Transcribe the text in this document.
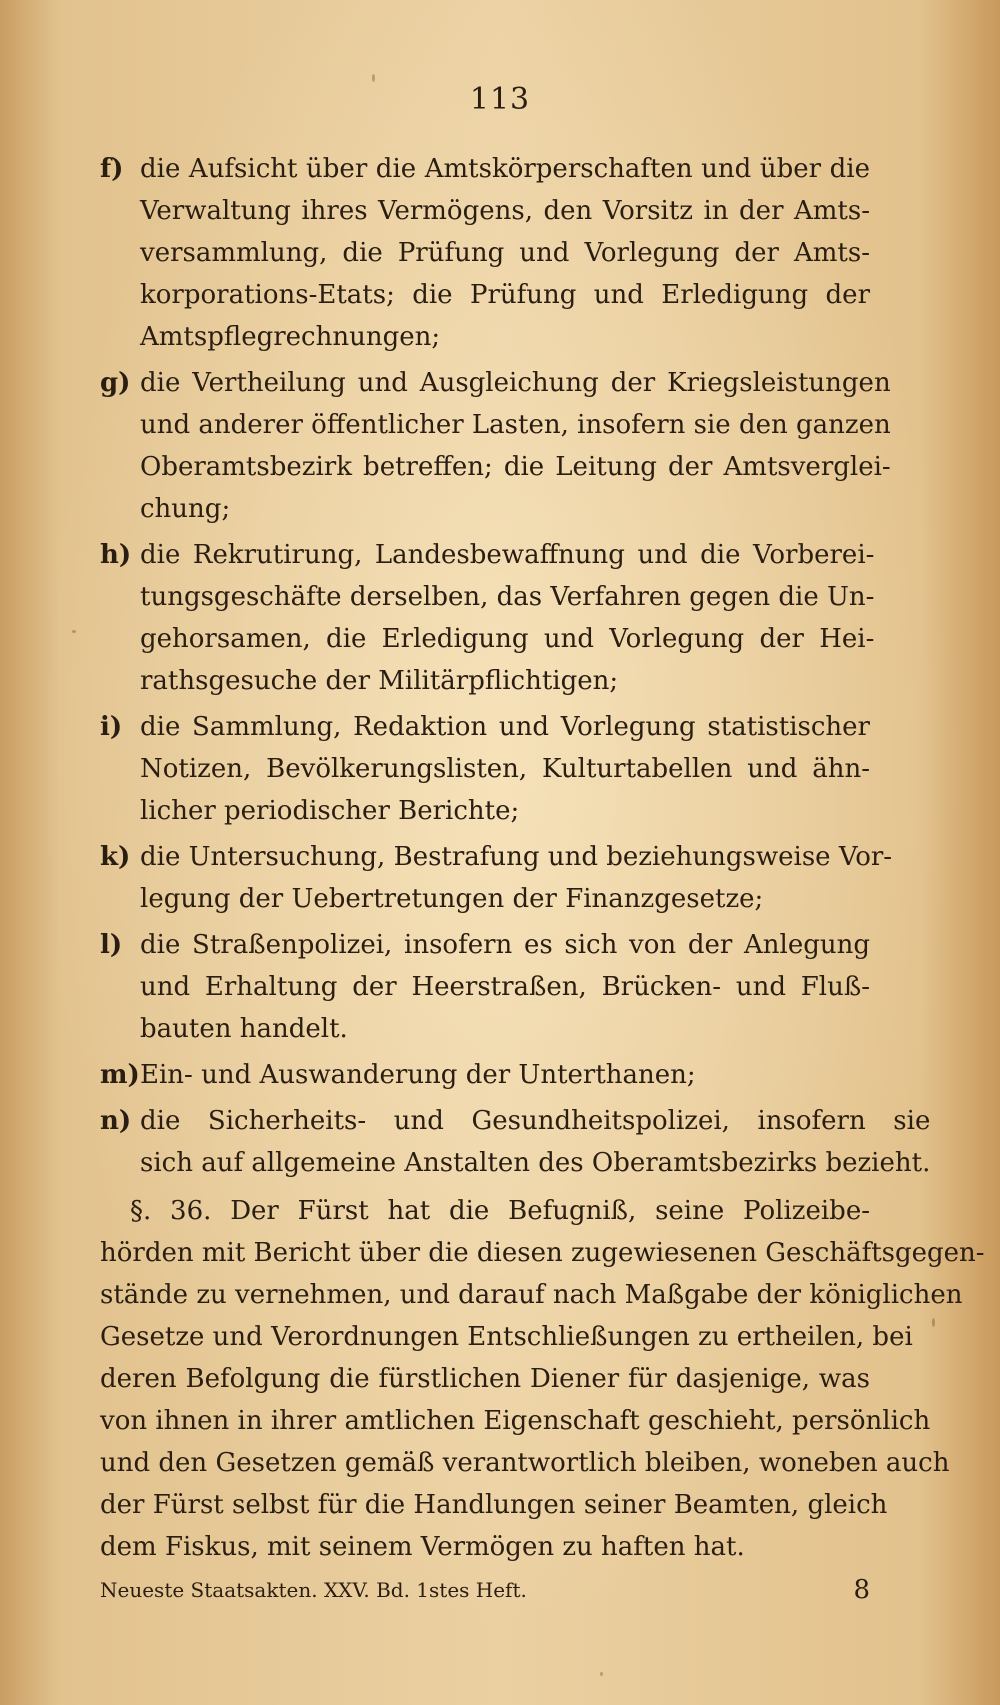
113
f) die Aufsicht über die Amtskörperschaften und über die
Verwaltung ihres Vermögens, den Vorsitz in der Amts-
versammlung, die Prüfung und Vorlegung der Amts-
korporations-Etats; die Prüfung und Erledigung der
Amtspflegrechnungen;
g) die Vertheilung und Ausgleichung der Kriegsleistungen
und anderer öffentlicher Lasten, insofern sie den ganzen
Oberamtsbezirk betreffen; die Leitung der Amtsverglei-
chung;
h) die Rekrutirung, Landesbewaffnung und die Vorberei-
tungsgeschäfte derselben, das Verfahren gegen die Un-
gehorsamen, die Erledigung und Vorlegung der Hei-
rathsgesuche der Militärpflichtigen;
i) die Sammlung, Redaktion und Vorlegung statistischer
Notizen, Bevölkerungslisten, Kulturtabellen und ähn-
licher periodischer Berichte;
k) die Untersuchung, Bestrafung und beziehungsweise Vor-
legung der Uebertretungen der Finanzgesetze;
l) die Straßenpolizei, insofern es sich von der Anlegung
und Erhaltung der Heerstraßen, Brücken- und Fluß-
bauten handelt.
m) Ein- und Auswanderung der Unterthanen;
n) die Sicherheits- und Gesundheitspolizei, insofern sie
sich auf allgemeine Anstalten des Oberamtsbezirks bezieht.
§. 36. Der Fürst hat die Befugniß, seine Polizeibe-
hörden mit Bericht über die diesen zugewiesenen Geschäftsgegen-
stände zu vernehmen, und darauf nach Maßgabe der königlichen
Gesetze und Verordnungen Entschließungen zu ertheilen, bei
deren Befolgung die fürstlichen Diener für dasjenige, was
von ihnen in ihrer amtlichen Eigenschaft geschieht, persönlich
und den Gesetzen gemäß verantwortlich bleiben, woneben auch
der Fürst selbst für die Handlungen seiner Beamten, gleich
dem Fiskus, mit seinem Vermögen zu haften hat.
Neueste Staatsakten. XXV. Bd. 1stes Heft.	8
